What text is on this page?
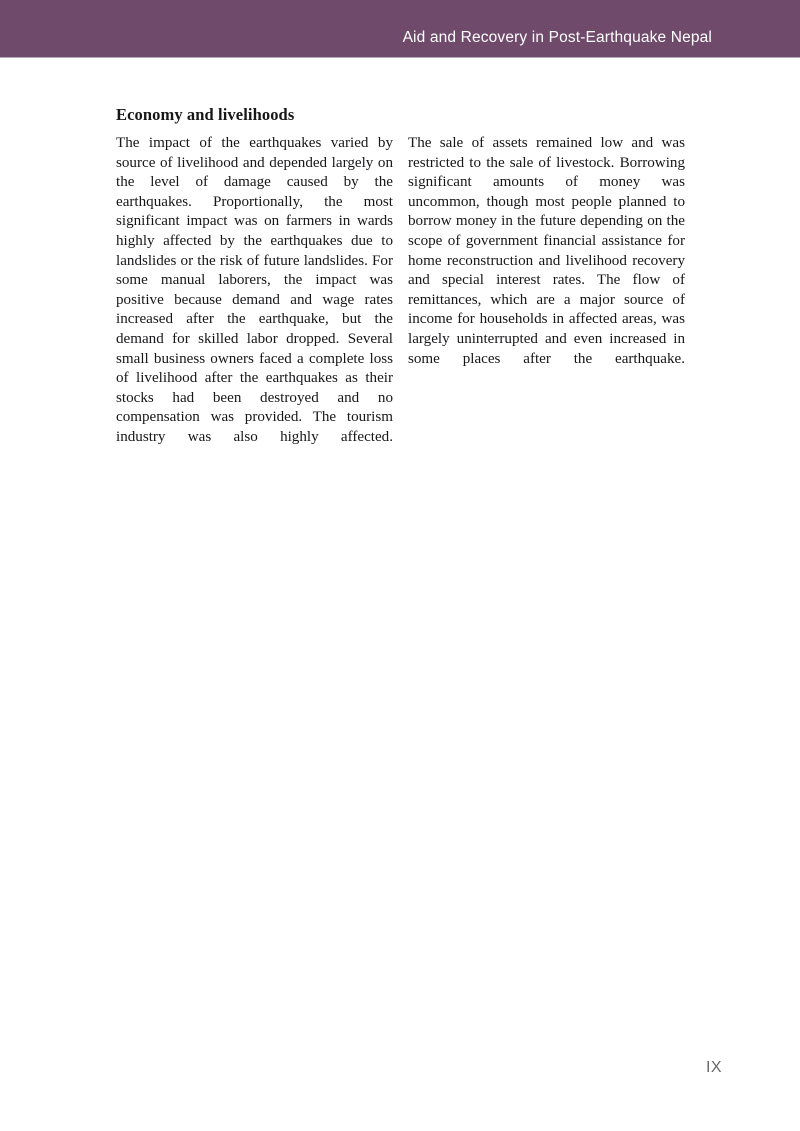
Aid and Recovery in Post-Earthquake Nepal
Economy and livelihoods

The impact of the earthquakes varied by source of livelihood and depended largely on the level of damage caused by the earthquakes. Proportionally, the most significant impact was on farmers in wards highly affected by the earthquakes due to landslides or the risk of future landslides. For some manual laborers, the impact was positive because demand and wage rates increased after the earthquake, but the demand for skilled labor dropped. Several small business owners faced a complete loss of livelihood after the earthquakes as their stocks had been destroyed and no compensation was provided. The tourism industry was also highly affected.

The sale of assets remained low and was restricted to the sale of livestock. Borrowing significant amounts of money was uncommon, though most people planned to borrow money in the future depending on the scope of government financial assistance for home reconstruction and livelihood recovery and special interest rates. The flow of remittances, which are a major source of income for households in affected areas, was largely uninterrupted and even increased in some places after the earthquake.

IX
